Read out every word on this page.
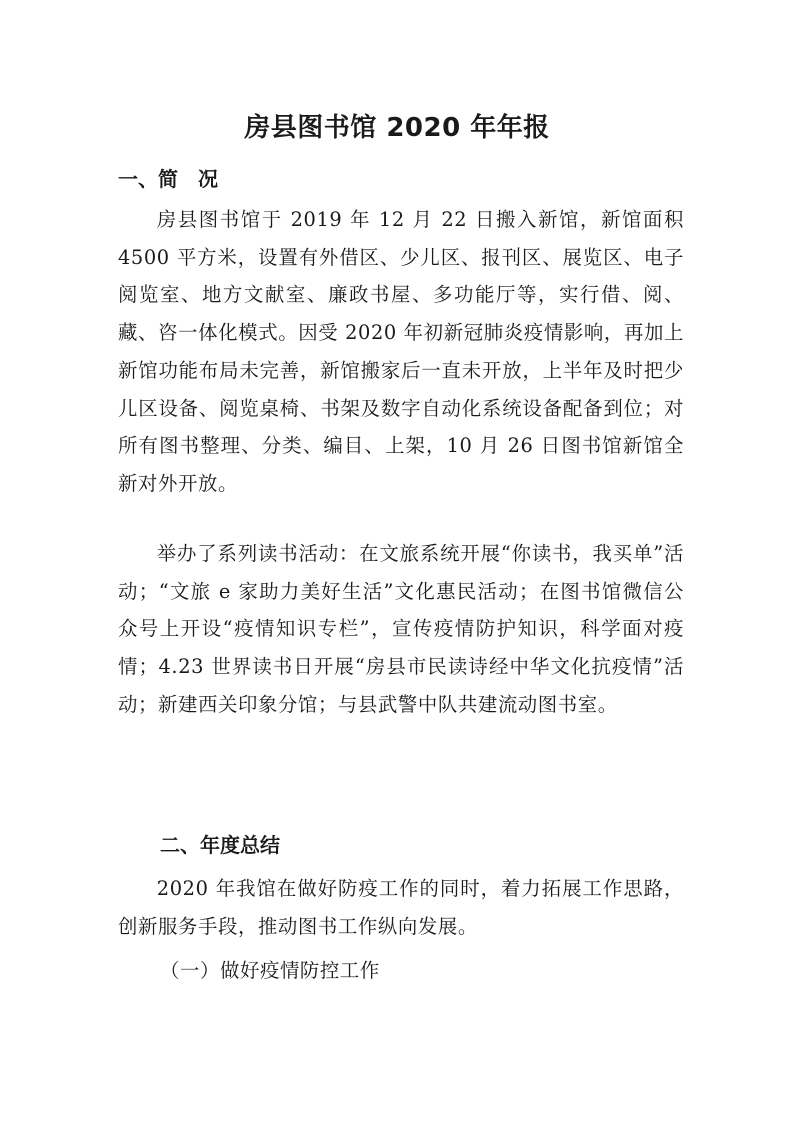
房县图书馆 2020 年年报
一、简　况

房县图书馆于 2019 年 12 月 22 日搬入新馆，新馆面积 4500 平方米，设置有外借区、少儿区、报刊区、展览区、电子阅览室、地方文献室、廉政书屋、多功能厅等，实行借、阅、藏、咨一体化模式。因受 2020 年初新冠肺炎疫情影响，再加上新馆功能布局未完善，新馆搬家后一直未开放，上半年及时把少儿区设备、阅览桌椅、书架及数字自动化系统设备配备到位；对所有图书整理、分类、编目、上架，10 月 26 日图书馆新馆全新对外开放。

举办了系列读书活动：在文旅系统开展“你读书，我买单”活动；“文旅 e 家助力美好生活”文化惠民活动；在图书馆微信公众号上开设“疫情知识专栏”，宣传疫情防护知识，科学面对疫情；4.23 世界读书日开展“房县市民读诗经中华文化抗疫情”活动；新建西关印象分馆；与县武警中队共建流动图书室。

二、年度总结

2020 年我馆在做好防疫工作的同时，着力拓展工作思路，创新服务手段，推动图书工作纵向发展。

（一）做好疫情防控工作
